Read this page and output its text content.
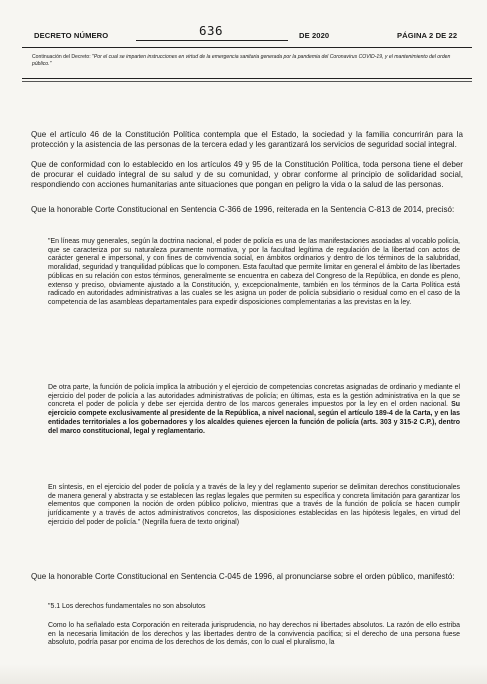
DECRETO NÚMERO	636	DE 2020	PÁGINA 2 DE 22
Continuación del Decreto: "Por el cual se imparten instrucciones en virtud de la emergencia sanitaria generada por la pandemia del Coronavirus COVID-19, y el mantenimiento del orden público."

Que el artículo 46 de la Constitución Política contempla que el Estado, la sociedad y la familia concurrirán para la protección y la asistencia de las personas de la tercera edad y les garantizará los servicios de seguridad social integral.

Que de conformidad con lo establecido en los artículos 49 y 95 de la Constitución Política, toda persona tiene el deber de procurar el cuidado integral de su salud y de su comunidad, y obrar conforme al principio de solidaridad social, respondiendo con acciones humanitarias ante situaciones que pongan en peligro la vida o la salud de las personas.

Que la honorable Corte Constitucional en Sentencia C-366 de 1996, reiterada en la Sentencia C-813 de 2014, precisó:

"En líneas muy generales, según la doctrina nacional, el poder de policía es una de las manifestaciones asociadas al vocablo policía, que se caracteriza por su naturaleza puramente normativa, y por la facultad legítima de regulación de la libertad con actos de carácter general e impersonal, y con fines de convivencia social, en ámbitos ordinarios y dentro de los términos de la salubridad, moralidad, seguridad y tranquilidad públicas que lo componen. Esta facultad que permite limitar en general el ámbito de las libertades públicas en su relación con estos términos, generalmente se encuentra en cabeza del Congreso de la República, en donde es pleno, extenso y preciso, obviamente ajustado a la Constitución, y, excepcionalmente, también en los términos de la Carta Política está radicado en autoridades administrativas a las cuales se les asigna un poder de policía subsidiario o residual como en el caso de la competencia de las asambleas departamentales para expedir disposiciones complementarias a las previstas en la ley.

De otra parte, la función de policía implica la atribución y el ejercicio de competencias concretas asignadas de ordinario y mediante el ejercicio del poder de policía a las autoridades administrativas de policía; en últimas, esta es la gestión administrativa en la que se concreta el poder de policía y debe ser ejercida dentro de los marcos generales impuestos por la ley en el orden nacional. Su ejercicio compete exclusivamente al presidente de la República, a nivel nacional, según el artículo 189-4 de la Carta, y en las entidades territoriales a los gobernadores y los alcaldes quienes ejercen la función de policía (arts. 303 y 315-2 C.P.), dentro del marco constitucional, legal y reglamentario.

En síntesis, en el ejercicio del poder de policía y a través de la ley y del reglamento superior se delimitan derechos constitucionales de manera general y abstracta y se establecen las reglas legales que permiten su específica y concreta limitación para garantizar los elementos que componen la noción de orden público policivo, mientras que a través de la función de policía se hacen cumplir jurídicamente y a través de actos administrativos concretos, las disposiciones establecidas en las hipótesis legales, en virtud del ejercicio del poder de policía." (Negrilla fuera de texto original)

Que la honorable Corte Constitucional en Sentencia C-045 de 1996, al pronunciarse sobre el orden público, manifestó:

"5.1 Los derechos fundamentales no son absolutos

Como lo ha señalado esta Corporación en reiterada jurisprudencia, no hay derechos ni libertades absolutos. La razón de ello estriba en la necesaria limitación de los derechos y las libertades dentro de la convivencia pacífica; si el derecho de una persona fuese absoluto, podría pasar por encima de los derechos de los demás, con lo cual el pluralismo, la
